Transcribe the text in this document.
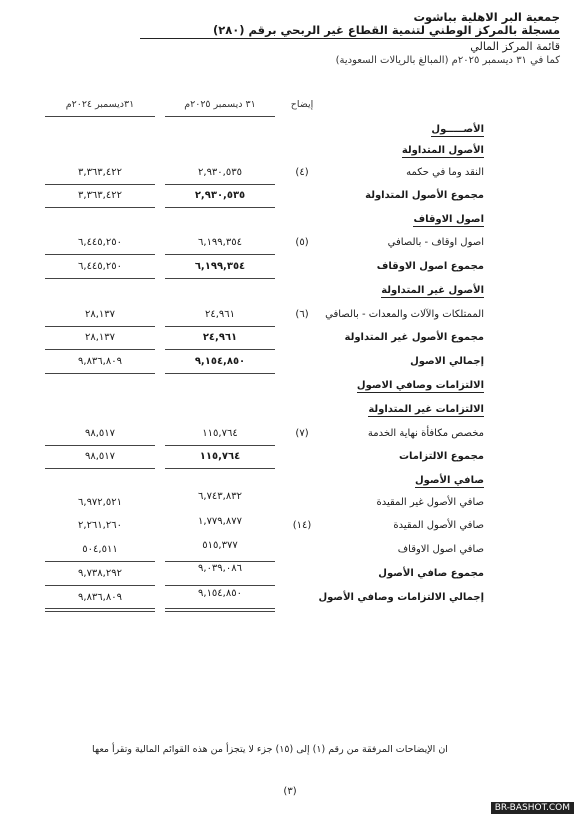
جمعية البر الاهلية بباشوت
مسجلة بالمركز الوطني لتنمية القطاع غير الربحي برقم (٢٨٠)
قائمة المركز المالي
كما في ٣١ ديسمبر ٢٠٢٥م (المبالغ بالريالات السعودية)
إيضاح
٣١ ديسمبر ٢٠٢٥م
٣١ديسمبر ٢٠٢٤م
الأصـــــول
الأصول المتداولة
النقد وما في حكمه
(٤)
٢,٩٣٠,٥٣٥
٣,٣٦٣,٤٢٢
مجموع الأصول المتداولة
٢,٩٣٠,٥٣٥
٣,٣٦٣,٤٢٢
اصول الاوقاف
اصول اوقاف - بالصافي
(٥)
٦,١٩٩,٣٥٤
٦,٤٤٥,٢٥٠
مجموع اصول الاوقاف
٦,١٩٩,٣٥٤
٦,٤٤٥,٢٥٠
الأصول غير المتداولة
الممتلكات والآلات والمعدات - بالصافي
(٦)
٢٤,٩٦١
٢٨,١٣٧
مجموع الأصول غير المتداولة
٢٤,٩٦١
٢٨,١٣٧
إجمالي الاصول
٩,١٥٤,٨٥٠
٩,٨٣٦,٨٠٩
الالتزامات وصافي الاصول
الالتزامات غير المتداولة
مخصص مكافأة نهاية الخدمة
(٧)
١١٥,٧٦٤
٩٨,٥١٧
مجموع الالتزامات
١١٥,٧٦٤
٩٨,٥١٧
صافي الأصول
صافي الأصول غير المقيدة
٦,٧٤٣,٨٣٢
٦,٩٧٢,٥٢١
صافي الأصول المقيدة
(١٤)
١,٧٧٩,٨٧٧
٢,٢٦١,٢٦٠
صافي اصول الاوقاف
٥١٥,٣٧٧
٥٠٤,٥١١
مجموع صافي الأصول
٩,٠٣٩,٠٨٦
٩,٧٣٨,٢٩٢
إجمالي الالتزامات وصافي الأصول
٩,١٥٤,٨٥٠
٩,٨٣٦,٨٠٩
ان الإيضاحات المرفقة من رقم (١) إلى (١٥) جزء لا يتجزأ من هذه القوائم المالية وتقرأ معها
(٣)
BR-BASHOT.COM
